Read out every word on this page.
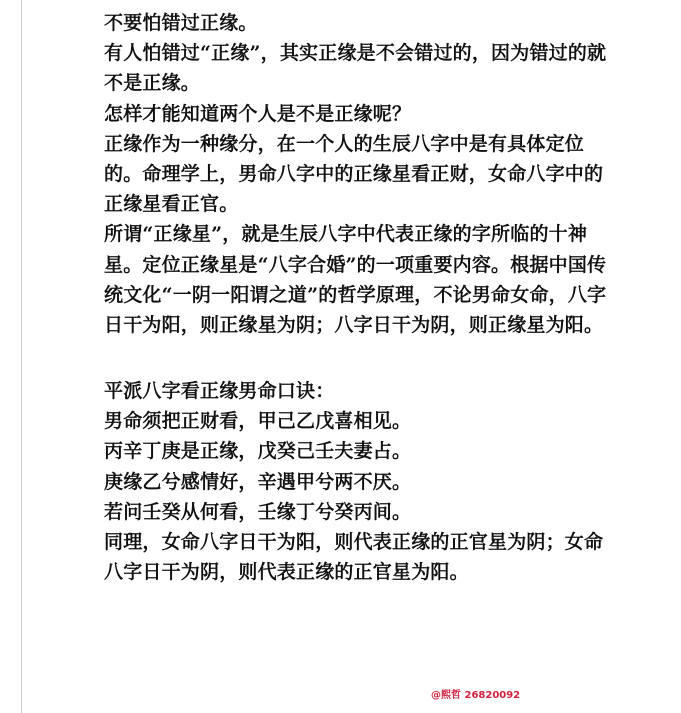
不要怕错过正缘。
有人怕错过“正缘”，其实正缘是不会错过的，因为错过的就
不是正缘。
怎样才能知道两个人是不是正缘呢？
正缘作为一种缘分，在一个人的生辰八字中是有具体定位
的。命理学上，男命八字中的正缘星看正财，女命八字中的
正缘星看正官。
所谓“正缘星”，就是生辰八字中代表正缘的字所临的十神
星。定位正缘星是“八字合婚”的一项重要内容。根据中国传
统文化“一阴一阳谓之道”的哲学原理，不论男命女命，八字
日干为阳，则正缘星为阴；八字日干为阴，则正缘星为阳。
平派八字看正缘男命口诀：
男命须把正财看，甲己乙戊喜相见。
丙辛丁庚是正缘，戊癸己壬夫妻占。
庚缘乙兮感情好，辛遇甲兮两不厌。
若问壬癸从何看，壬缘丁兮癸丙间。
同理，女命八字日干为阳，则代表正缘的正官星为阴；女命
八字日干为阴，则代表正缘的正官星为阳。
@熙哲 26820092
